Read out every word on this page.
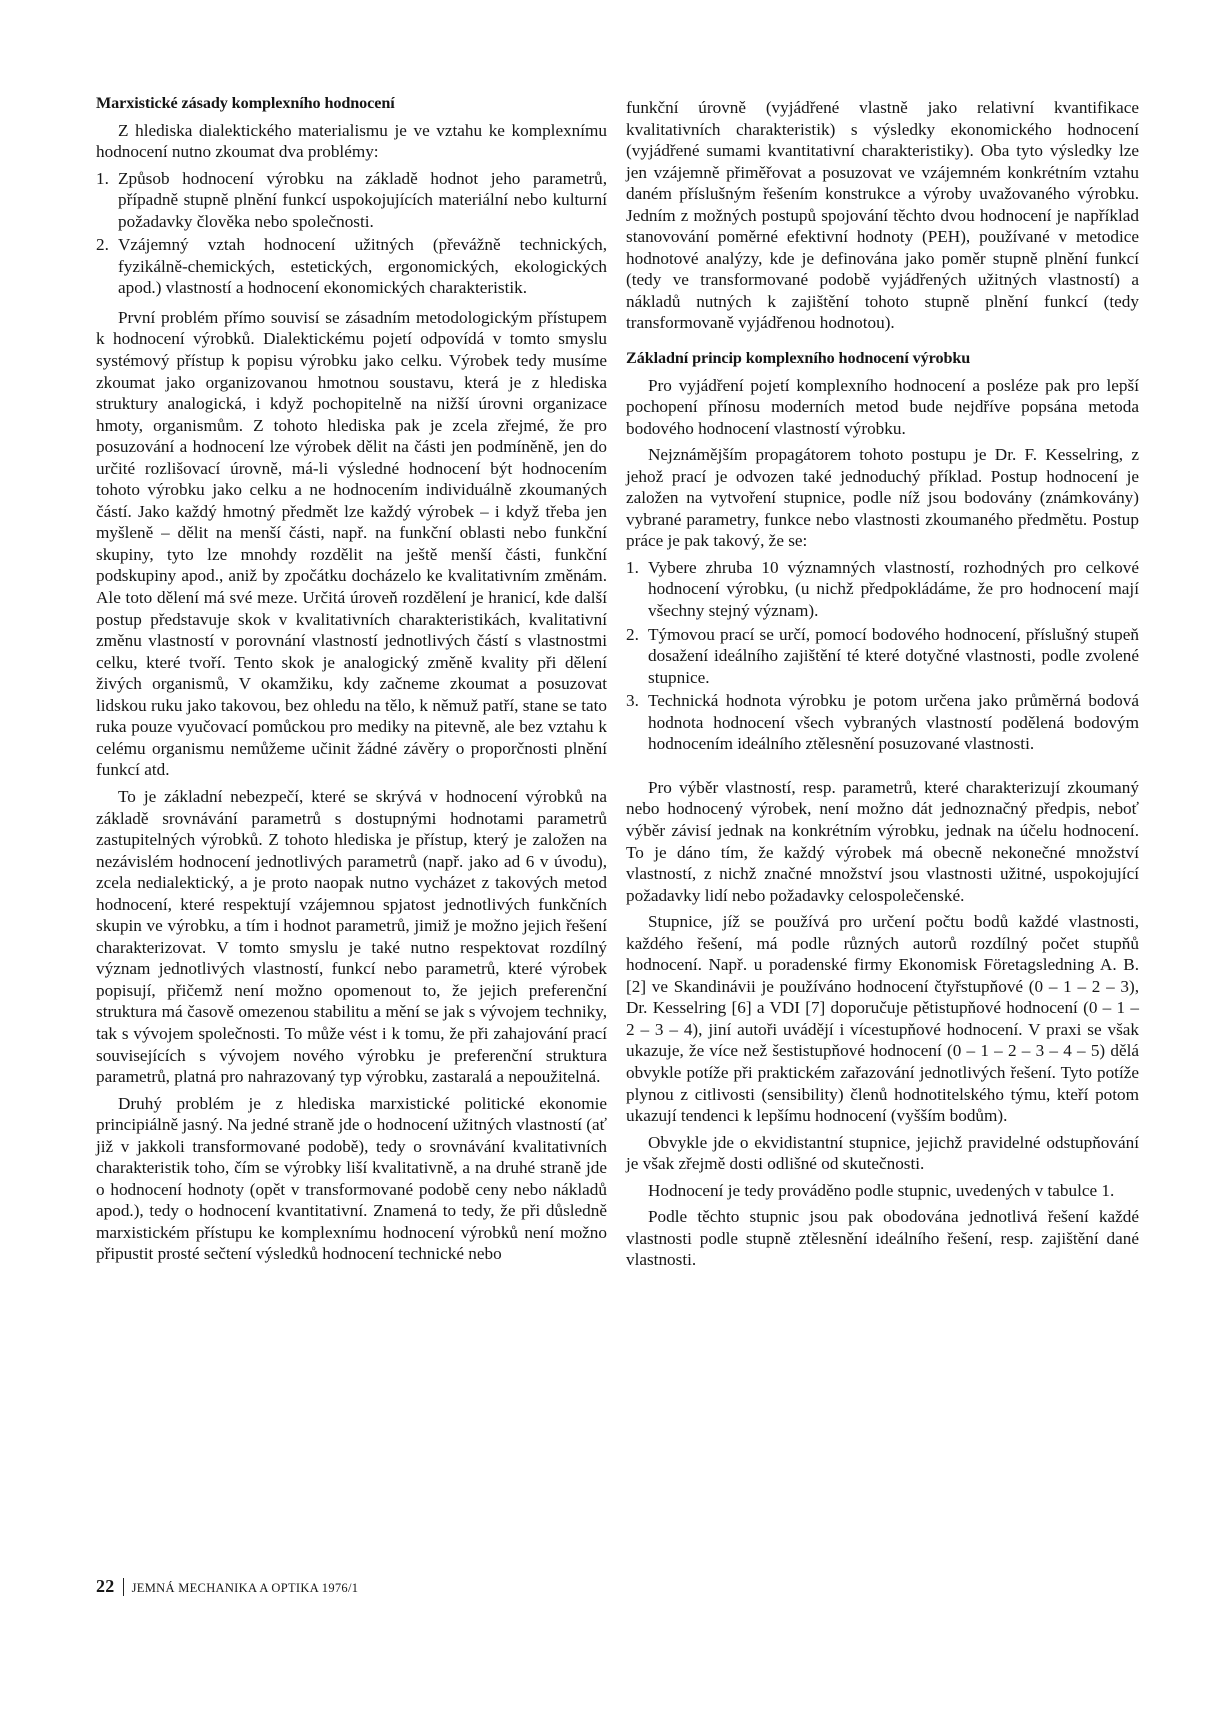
Marxistické zásady komplexního hodnocení

Z hlediska dialektického materialismu je ve vztahu ke komplexnímu hodnocení nutno zkoumat dva problémy:

1. Způsob hodnocení výrobku na základě hodnot jeho parametrů, případně stupně plnění funkcí uspokojujících materiální nebo kulturní požadavky člověka nebo společnosti.
2. Vzájemný vztah hodnocení užitných (převážně technických, fyzikálně-chemických, estetických, ergonomických, ekologických apod.) vlastností a hodnocení ekonomických charakteristik.

První problém přímo souvisí se zásadním metodologickým přístupem k hodnocení výrobků. Dialektickému pojetí odpovídá v tomto smyslu systémový přístup k popisu výrobku jako celku. Výrobek tedy musíme zkoumat jako organizovanou hmotnou soustavu, která je z hlediska struktury analogická, i když pochopitelně na nižší úrovni organizace hmoty, organismům. Z tohoto hlediska pak je zcela zřejmé, že pro posuzování a hodnocení lze výrobek dělit na části jen podmíněně, jen do určité rozlišovací úrovně, má-li výsledné hodnocení být hodnocením tohoto výrobku jako celku a ne hodnocením individuálně zkoumaných částí. Jako každý hmotný předmět lze každý výrobek – i když třeba jen myšleně – dělit na menší části, např. na funkční oblasti nebo funkční skupiny, tyto lze mnohdy rozdělit na ještě menší části, funkční podskupiny apod., aniž by zpočátku docházelo ke kvalitativním změnám. Ale toto dělení má své meze. Určitá úroveň rozdělení je hranicí, kde další postup představuje skok v kvalitativních charakteristikách, kvalitativní změnu vlastností v porovnání vlastností jednotlivých částí s vlastnostmi celku, které tvoří. Tento skok je analogický změně kvality při dělení živých organismů, V okamžiku, kdy začneme zkoumat a posuzovat lidskou ruku jako takovou, bez ohledu na tělo, k němuž patří, stane se tato ruka pouze vyučovací pomůckou pro mediky na pitevně, ale bez vztahu k celému organismu nemůžeme učinit žádné závěry o proporčnosti plnění funkcí atd.

To je základní nebezpečí, které se skrývá v hodnocení výrobků na základě srovnávání parametrů s dostupnými hodnotami parametrů zastupitelných výrobků. Z tohoto hlediska je přístup, který je založen na nezávislém hodnocení jednotlivých parametrů (např. jako ad 6 v úvodu), zcela nedialektický, a je proto naopak nutno vycházet z takových metod hodnocení, které respektují vzájemnou spjatost jednotlivých funkčních skupin ve výrobku, a tím i hodnot parametrů, jimiž je možno jejich řešení charakterizovat. V tomto smyslu je také nutno respektovat rozdílný význam jednotlivých vlastností, funkcí nebo parametrů, které výrobek popisují, přičemž není možno opomenout to, že jejich preferenční struktura má časově omezenou stabilitu a mění se jak s vývojem techniky, tak s vývojem společnosti. To může vést i k tomu, že při zahajování prací souvisejících s vývojem nového výrobku je preferenční struktura parametrů, platná pro nahrazovaný typ výrobku, zastaralá a nepoužitelná.

Druhý problém je z hlediska marxistické politické ekonomie principiálně jasný. Na jedné straně jde o hodnocení užitných vlastností (ať již v jakkoli transformované podobě), tedy o srovnávání kvalitativních charakteristik toho, čím se výrobky liší kvalitativně, a na druhé straně jde o hodnocení hodnoty (opět v transformované podobě ceny nebo nákladů apod.), tedy o hodnocení kvantitativní. Znamená to tedy, že při důsledně marxistickém přístupu ke komplexnímu hodnocení výrobků není možno připustit prosté sečtení výsledků hodnocení technické nebo

funkční úrovně (vyjádřené vlastně jako relativní kvantifikace kvalitativních charakteristik) s výsledky ekonomického hodnocení (vyjádřené sumami kvantitativní charakteristiky). Oba tyto výsledky lze jen vzájemně přiměřovat a posuzovat ve vzájemném konkrétním vztahu daném příslušným řešením konstrukce a výroby uvažovaného výrobku. Jedním z možných postupů spojování těchto dvou hodnocení je například stanovování poměrné efektivní hodnoty (PEH), používané v metodice hodnotové analýzy, kde je definována jako poměr stupně plnění funkcí (tedy ve transformované podobě vyjádřených užitných vlastností) a nákladů nutných k zajištění tohoto stupně plnění funkcí (tedy transformovaně vyjádřenou hodnotou).

Základní princip komplexního hodnocení výrobku

Pro vyjádření pojetí komplexního hodnocení a posléze pak pro lepší pochopení přínosu moderních metod bude nejdříve popsána metoda bodového hodnocení vlastností výrobku.

Nejznámějším propagátorem tohoto postupu je Dr. F. Kesselring, z jehož prací je odvozen také jednoduchý příklad. Postup hodnocení je založen na vytvoření stupnice, podle níž jsou bodovány (známkovány) vybrané parametry, funkce nebo vlastnosti zkoumaného předmětu. Postup práce je pak takový, že se:

1. Vybere zhruba 10 významných vlastností, rozhodných pro celkové hodnocení výrobku, (u nichž předpokládáme, že pro hodnocení mají všechny stejný význam).
2. Týmovou prací se určí, pomocí bodového hodnocení, příslušný stupeň dosažení ideálního zajištění té které dotyčné vlastnosti, podle zvolené stupnice.
3. Technická hodnota výrobku je potom určena jako průměrná bodová hodnota hodnocení všech vybraných vlastností podělená bodovým hodnocením ideálního ztělesnění posuzované vlastnosti.

Pro výběr vlastností, resp. parametrů, které charakterizují zkoumaný nebo hodnocený výrobek, není možno dát jednoznačný předpis, neboť výběr závisí jednak na konkrétním výrobku, jednak na účelu hodnocení. To je dáno tím, že každý výrobek má obecně nekonečné množství vlastností, z nichž značné množství jsou vlastnosti užitné, uspokojující požadavky lidí nebo požadavky celospolečenské.

Stupnice, jíž se používá pro určení počtu bodů každé vlastnosti, každého řešení, má podle různých autorů rozdílný počet stupňů hodnocení. Např. u poradenské firmy Ekonomisk Företagsledning A. B. [2] ve Skandinávii je používáno hodnocení čtyřstupňové (0 – 1 – 2 – 3), Dr. Kesselring [6] a VDI [7] doporučuje pětistupňové hodnocení (0 – 1 – 2 – 3 – 4), jiní autoři uvádějí i vícestupňové hodnocení. V praxi se však ukazuje, že více než šestistupňové hodnocení (0 – 1 – 2 – 3 – 4 – 5) dělá obvykle potíže při praktickém zařazování jednotlivých řešení. Tyto potíže plynou z citlivosti (sensibility) členů hodnotitelského týmu, kteří potom ukazují tendenci k lepšímu hodnocení (vyšším bodům).

Obvykle jde o ekvidistantní stupnice, jejichž pravidelné odstupňování je však zřejmě dosti odlišné od skutečnosti.

Hodnocení je tedy prováděno podle stupnic, uvedených v tabulce 1.

Podle těchto stupnic jsou pak obodována jednotlivá řešení každé vlastnosti podle stupně ztělesnění ideálního řešení, resp. zajištění dané vlastnosti.

22 JEMNÁ MECHANIKA A OPTIKA 1976/1
